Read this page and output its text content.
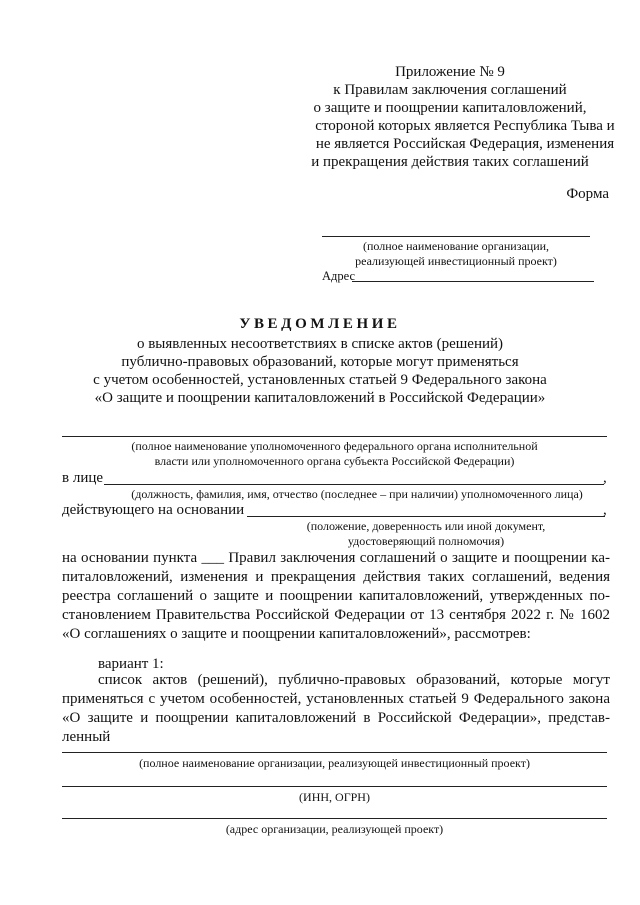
Приложение № 9
к Правилам заключения соглашений
о защите и поощрении капиталовложений,
стороной которых является Республика Тыва и
не является Российская Федерация, изменения
и прекращения действия таких соглашений
Форма
(полное наименование организации,
реализующей инвестиционный проект)
Адрес
УВЕДОМЛЕНИЕ
о выявленных несоответствиях в списке актов (решений)
публично-правовых образований, которые могут применяться
с учетом особенностей, установленных статьей 9 Федерального закона
«О защите и поощрении капиталовложений в Российской Федерации»
(полное наименование уполномоченного федерального органа исполнительной
власти или уполномоченного органа субъекта Российской Федерации)
в лице	,
(должность, фамилия, имя, отчество (последнее – при наличии) уполномоченного лица)
действующего на основании	,
(положение, доверенность или иной документ,
удостоверяющий полномочия)
на основании пункта ___ Правил заключения соглашений о защите и поощрении ка-
питаловложений, изменения и прекращения действия таких соглашений, ведения
реестра соглашений о защите и поощрении капиталовложений, утвержденных по-
становлением Правительства Российской Федерации от 13 сентября 2022 г. № 1602
«О соглашениях о защите и поощрении капиталовложений», рассмотрев:
вариант 1:
список актов (решений), публично-правовых образований, которые могут
применяться с учетом особенностей, установленных статьей 9 Федерального закона
«О защите и поощрении капиталовложений в Российской Федерации», представ-
ленный
(полное наименование организации, реализующей инвестиционный проект)
(ИНН, ОГРН)
(адрес организации, реализующей проект)
